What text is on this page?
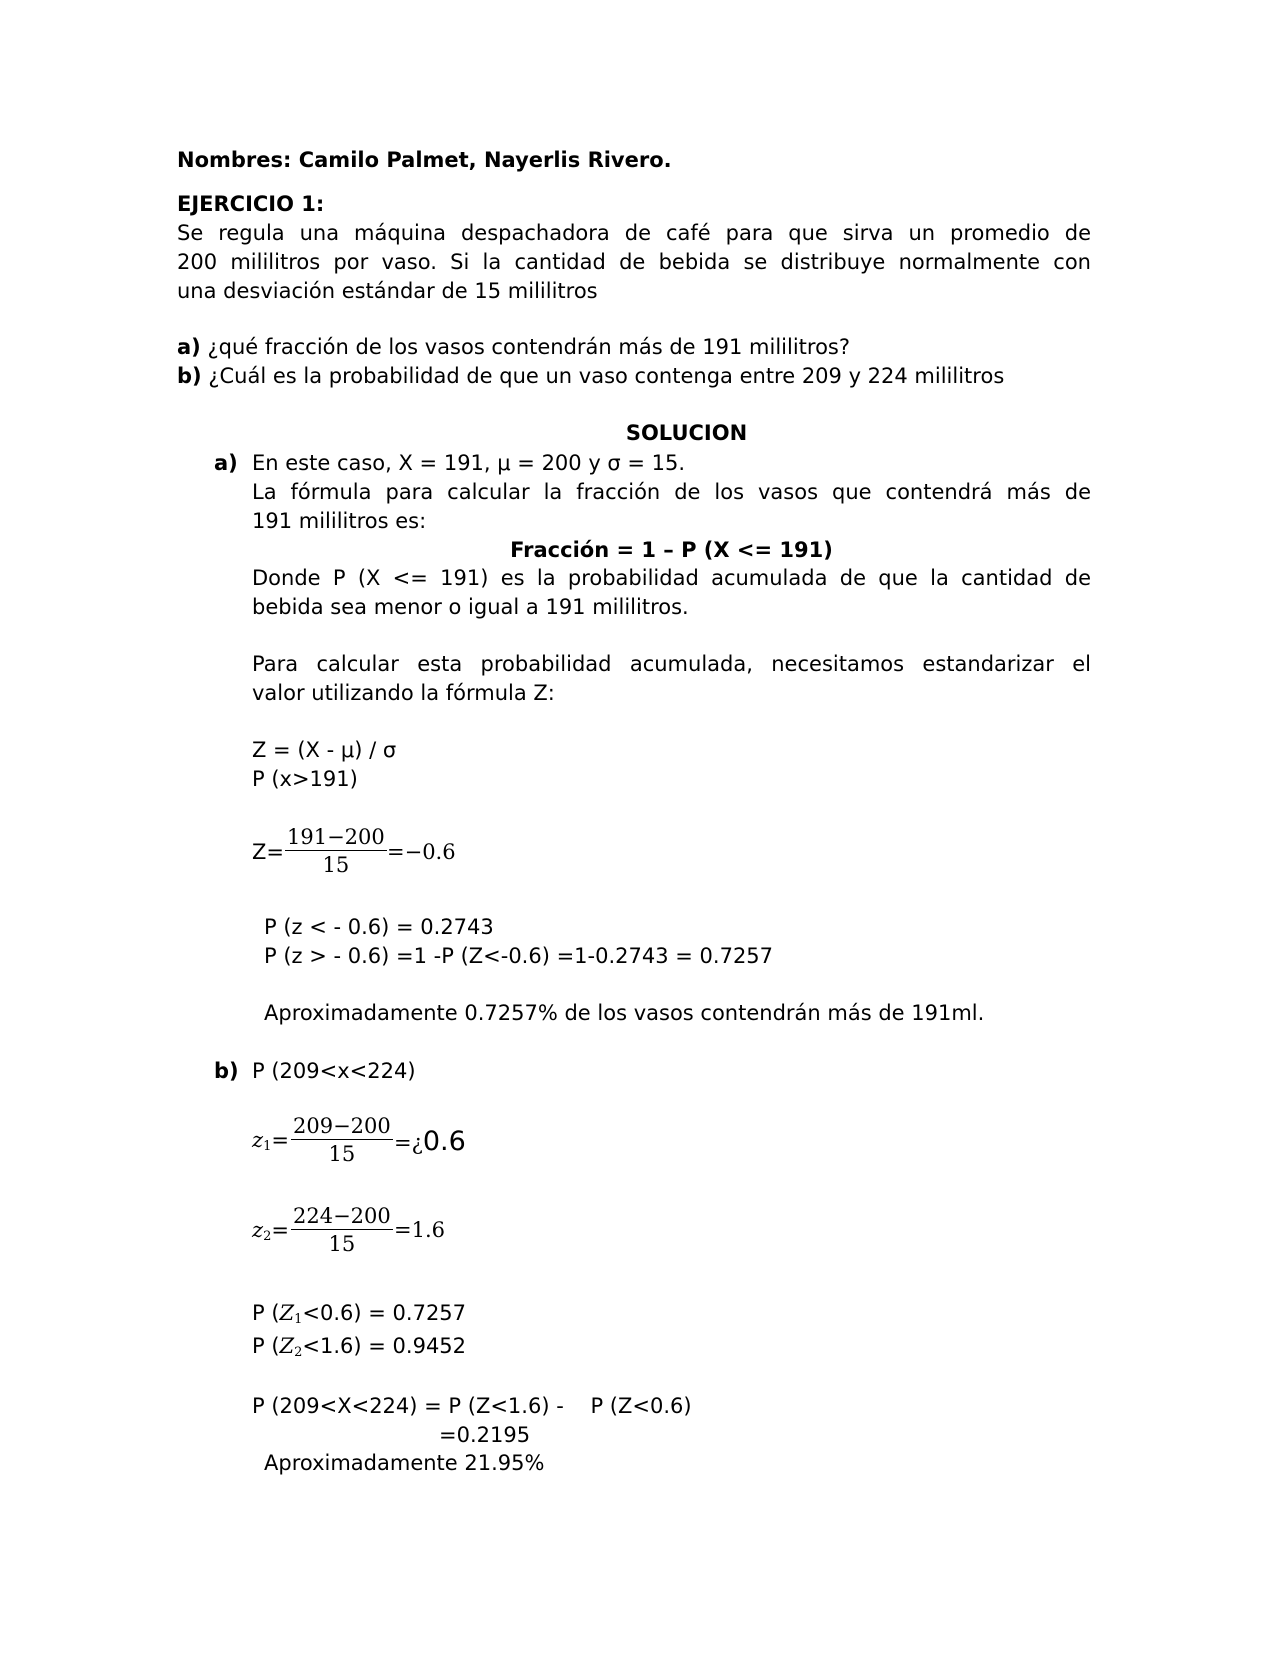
Nombres: Camilo Palmet, Nayerlis Rivero.
EJERCICIO 1:
Se regula una máquina despachadora de café para que sirva un promedio de
200 mililitros por vaso. Si la cantidad de bebida se distribuye normalmente con
una desviación estándar de 15 mililitros
a) ¿qué fracción de los vasos contendrán más de 191 mililitros?
b) ¿Cuál es la probabilidad de que un vaso contenga entre 209 y 224 mililitros
SOLUCION
a) En este caso, X = 191, μ = 200 y σ = 15.
La fórmula para calcular la fracción de los vasos que contendrá más de
191 mililitros es:
Fracción = 1 – P (X <= 191)
Donde P (X <= 191) es la probabilidad acumulada de que la cantidad de
bebida sea menor o igual a 191 mililitros.
Para calcular esta probabilidad acumulada, necesitamos estandarizar el
valor utilizando la fórmula Z:
Z = (X - μ) / σ
P (x>191)
$Z= \frac{191-200}{15} =-0.6$
P (z < - 0.6) = 0.2743
P (z > - 0.6) =1 -P (Z<-0.6) =1-0.2743 = 0.7257
Aproximadamente 0.7257% de los vasos contendrán más de 191ml.
b) P (209<x<224)
$z_1= \frac{209-200}{15}$ =¿0.6
$z_2= \frac{224-200}{15} =1.6$
P $(Z_1<0.6) = 0.7257$
P $(Z_2<1.6) = 0.9452$
P (209<X<224) = P (Z<1.6) -    P (Z<0.6)
=0.2195
Aproximadamente 21.95%
